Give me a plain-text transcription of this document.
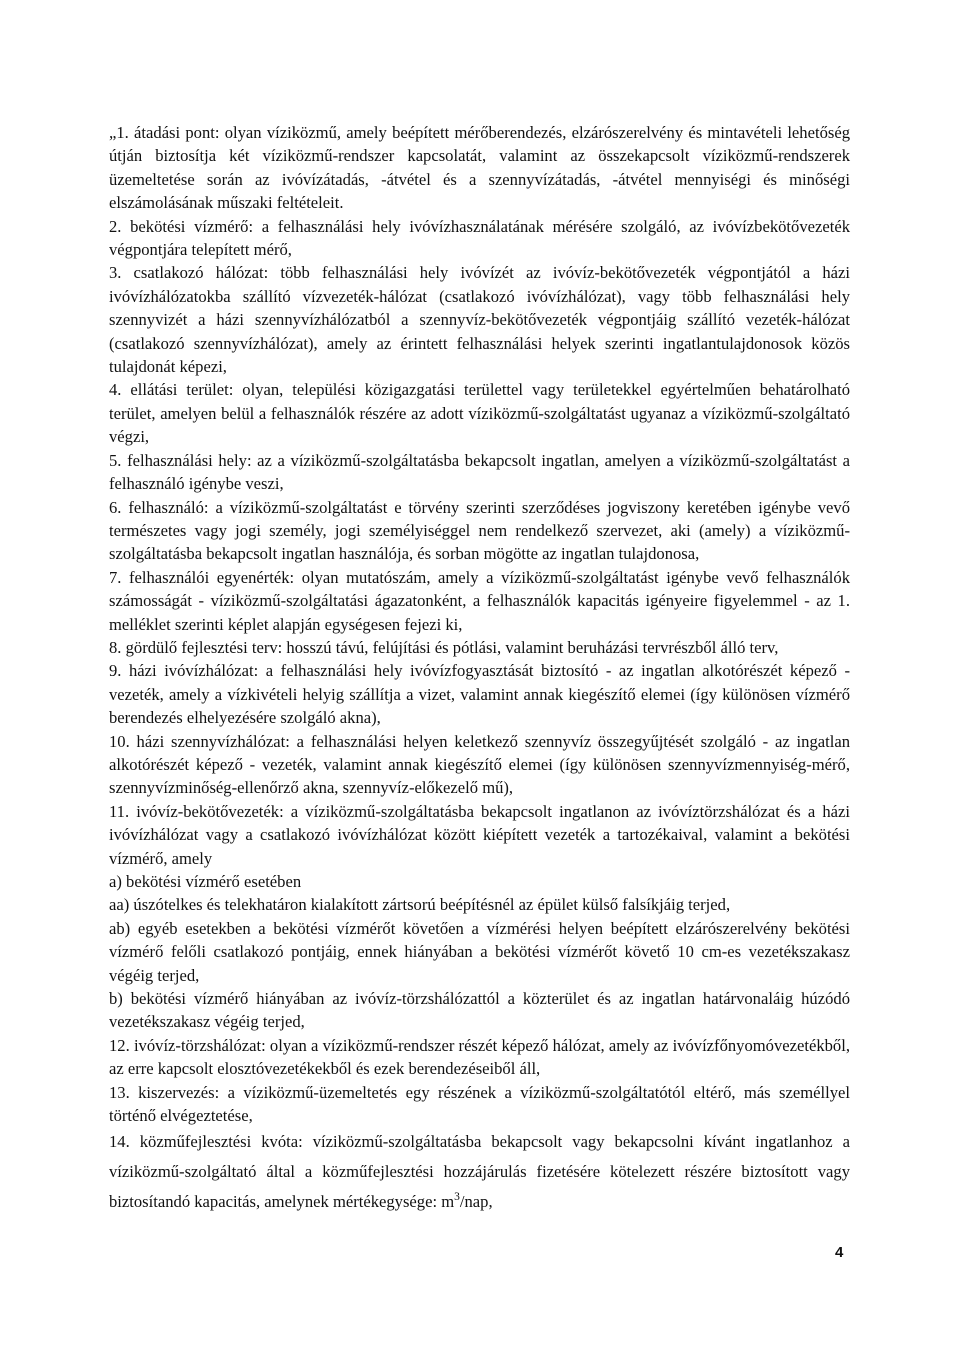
„1. átadási pont: olyan víziközmű, amely beépített mérőberendezés, elzárószerelvény és mintavételi lehetőség útján biztosítja két víziközmű-rendszer kapcsolatát, valamint az összekapcsolt víziközmű-rendszerek üzemeltetése során az ivóvízátadás, -átvétel és a szennyvízátadás, -átvétel mennyiségi és minőségi elszámolásának műszaki feltételeit.

2. bekötési vízmérő: a felhasználási hely ivóvízhasználatának mérésére szolgáló, az ivóvízbekötővezeték végpontjára telepített mérő,

3. csatlakozó hálózat: több felhasználási hely ivóvízét az ivóvíz-bekötővezeték végpontjától a házi ivóvízhálózatokba szállító vízvezeték-hálózat (csatlakozó ivóvízhálózat), vagy több felhasználási hely szennyvizét a házi szennyvízhálózatból a szennyvíz-bekötővezeték végpontjáig szállító vezeték-hálózat (csatlakozó szennyvízhálózat), amely az érintett felhasználási helyek szerinti ingatlantulajdonosok közös tulajdonát képezi,

4. ellátási terület: olyan, települési közigazgatási területtel vagy területekkel egyértelműen behatárolható terület, amelyen belül a felhasználók részére az adott víziközmű-szolgáltatást ugyanaz a víziközmű-szolgáltató végzi,

5. felhasználási hely: az a víziközmű-szolgáltatásba bekapcsolt ingatlan, amelyen a víziközmű-szolgáltatást a felhasználó igénybe veszi,

6. felhasználó: a víziközmű-szolgáltatást e törvény szerinti szerződéses jogviszony keretében igénybe vevő természetes vagy jogi személy, jogi személyiséggel nem rendelkező szervezet, aki (amely) a víziközmű-szolgáltatásba bekapcsolt ingatlan használója, és sorban mögötte az ingatlan tulajdonosa,

7. felhasználói egyenérték: olyan mutatószám, amely a víziközmű-szolgáltatást igénybe vevő felhasználók számosságát - víziközmű-szolgáltatási ágazatonként, a felhasználók kapacitás igényeire figyelemmel - az 1. melléklet szerinti képlet alapján egységesen fejezi ki,

8. gördülő fejlesztési terv: hosszú távú, felújítási és pótlási, valamint beruházási tervrészből álló terv,

9. házi ivóvízhálózat: a felhasználási hely ivóvízfogyasztását biztosító - az ingatlan alkotórészét képező - vezeték, amely a vízkivételi helyig szállítja a vizet, valamint annak kiegészítő elemei (így különösen vízmérő berendezés elhelyezésére szolgáló akna),

10. házi szennyvízhálózat: a felhasználási helyen keletkező szennyvíz összegyűjtését szolgáló - az ingatlan alkotórészét képező - vezeték, valamint annak kiegészítő elemei (így különösen szennyvízmennyiség-mérő, szennyvízminőség-ellenőrző akna, szennyvíz-előkezelő mű),

11. ivóvíz-bekötővezeték: a víziközmű-szolgáltatásba bekapcsolt ingatlanon az ivóvíztörzshálózat és a házi ivóvízhálózat vagy a csatlakozó ivóvízhálózat között kiépített vezeték a tartozékaival, valamint a bekötési vízmérő, amely

a) bekötési vízmérő esetében

aa) úszótelkes és telekhatáron kialakított zártsorú beépítésnél az épület külső falsíkjáig terjed,

ab) egyéb esetekben a bekötési vízmérőt követően a vízmérési helyen beépített elzárószerelvény bekötési vízmérő felőli csatlakozó pontjáig, ennek hiányában a bekötési vízmérőt követő 10 cm-es vezetékszakasz végéig terjed,

b) bekötési vízmérő hiányában az ivóvíz-törzshálózattól a közterület és az ingatlan határvonaláig húzódó vezetékszakasz végéig terjed,

12. ivóvíz-törzshálózat: olyan a víziközmű-rendszer részét képező hálózat, amely az ivóvízfőnyomóvezetékből, az erre kapcsolt elosztóvezetékekből és ezek berendezéseiből áll,

13. kiszervezés: a víziközmű-üzemeltetés egy részének a víziközmű-szolgáltatótól eltérő, más személlyel történő elvégeztetése,

14. közműfejlesztési kvóta: víziközmű-szolgáltatásba bekapcsolt vagy bekapcsolni kívánt ingatlanhoz a víziközmű-szolgáltató által a közműfejlesztési hozzájárulás fizetésére kötelezett részére biztosított vagy biztosítandó kapacitás, amelynek mértékegysége: $m^3$/nap,

4
